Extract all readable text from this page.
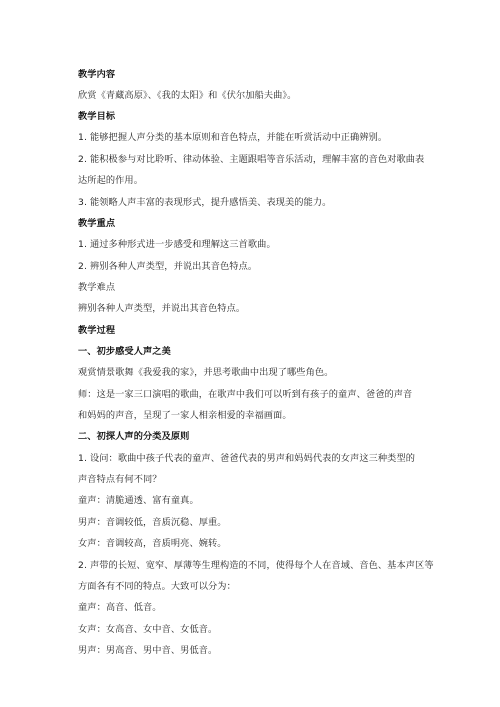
教学内容
欣赏《青藏高原》、《我的太阳》和《伏尔加船夫曲》。
教学目标
1. 能够把握人声分类的基本原则和音色特点，并能在听赏活动中正确辨别。
2. 能积极参与对比聆听、律动体验、主题跟唱等音乐活动，理解丰富的音色对歌曲表
达所起的作用。
3. 能领略人声丰富的表现形式，提升感悟美、表现美的能力。
教学重点
1. 通过多种形式进一步感受和理解这三首歌曲。
2. 辨别各种人声类型，并说出其音色特点。
教学难点
辨别各种人声类型，并说出其音色特点。
教学过程
一、初步感受人声之美
观赏情景歌舞《我爱我的家》，并思考歌曲中出现了哪些角色。
师：这是一家三口演唱的歌曲，在歌声中我们可以听到有孩子的童声、爸爸的声音
和妈妈的声音，呈现了一家人相亲相爱的幸福画面。
二、初探人声的分类及原则
1. 设问：歌曲中孩子代表的童声、爸爸代表的男声和妈妈代表的女声这三种类型的
声音特点有何不同？
童声：清脆通透、富有童真。
男声：音调较低，音质沉稳、厚重。
女声：音调较高，音质明亮、婉转。
2. 声带的长短、宽窄、厚薄等生理构造的不同，使得每个人在音域、音色、基本声区等
方面各有不同的特点。大致可以分为：
童声：高音、低音。
女声：女高音、女中音、女低音。
男声：男高音、男中音、男低音。
